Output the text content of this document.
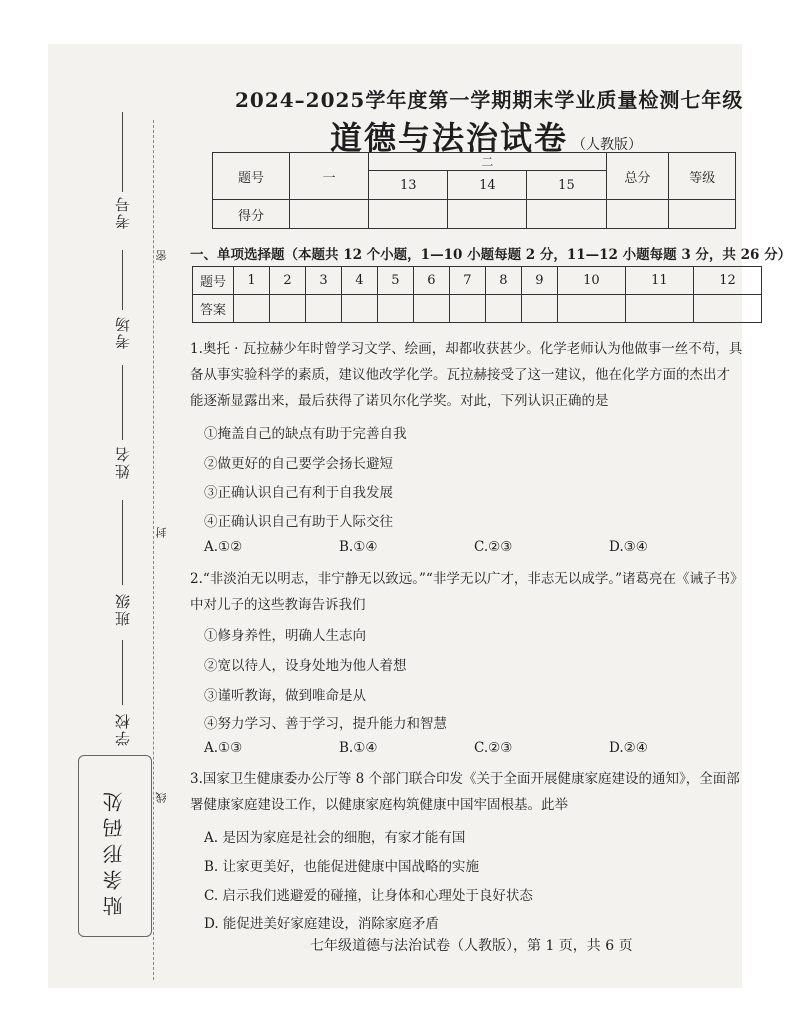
考号
考场
姓名
班级
学校
密
封
线
贴条形码处
2024–2025学年度第一学期期末学业质量检测七年级
道德与法治试卷 （人教版）
题号	一	二			总分	等级
		13	14	15		
得分						
一、单项选择题（本题共 12 个小题，1—10 小题每题 2 分，11—12 小题每题 3 分，共 26 分）
题号	1	2	3	4	5	6	7	8	9	10	11	12
答案												

1.奥托 · 瓦拉赫少年时曾学习文学、绘画，却都收获甚少。化学老师认为他做事一丝不苟，具

备从事实验科学的素质，建议他改学化学。瓦拉赫接受了这一建议，他在化学方面的杰出才

能逐渐显露出来，最后获得了诺贝尔化学奖。对此，下列认识正确的是

①掩盖自己的缺点有助于完善自我
②做更好的自己要学会扬长避短
③正确认识自己有利于自我发展
④正确认识自己有助于人际交往
A.①②	B.①④	C.②③	D.③④

2.“非淡泊无以明志，非宁静无以致远。”“非学无以广才，非志无以成学。”诸葛亮在《诫子书》

中对儿子的这些教诲告诉我们

①修身养性，明确人生志向
②宽以待人，设身处地为他人着想
③谨听教诲，做到唯命是从
④努力学习、善于学习，提升能力和智慧
A.①③	B.①④	C.②③	D.②④

3.国家卫生健康委办公厅等 8 个部门联合印发《关于全面开展健康家庭建设的通知》，全面部

署健康家庭建设工作，以健康家庭构筑健康中国牢固根基。此举

A. 是因为家庭是社会的细胞，有家才能有国
B. 让家更美好，也能促进健康中国战略的实施
C. 启示我们逃避爱的碰撞，让身体和心理处于良好状态
D. 能促进美好家庭建设，消除家庭矛盾
七年级道德与法治试卷（人教版），第 1 页，共 6 页
